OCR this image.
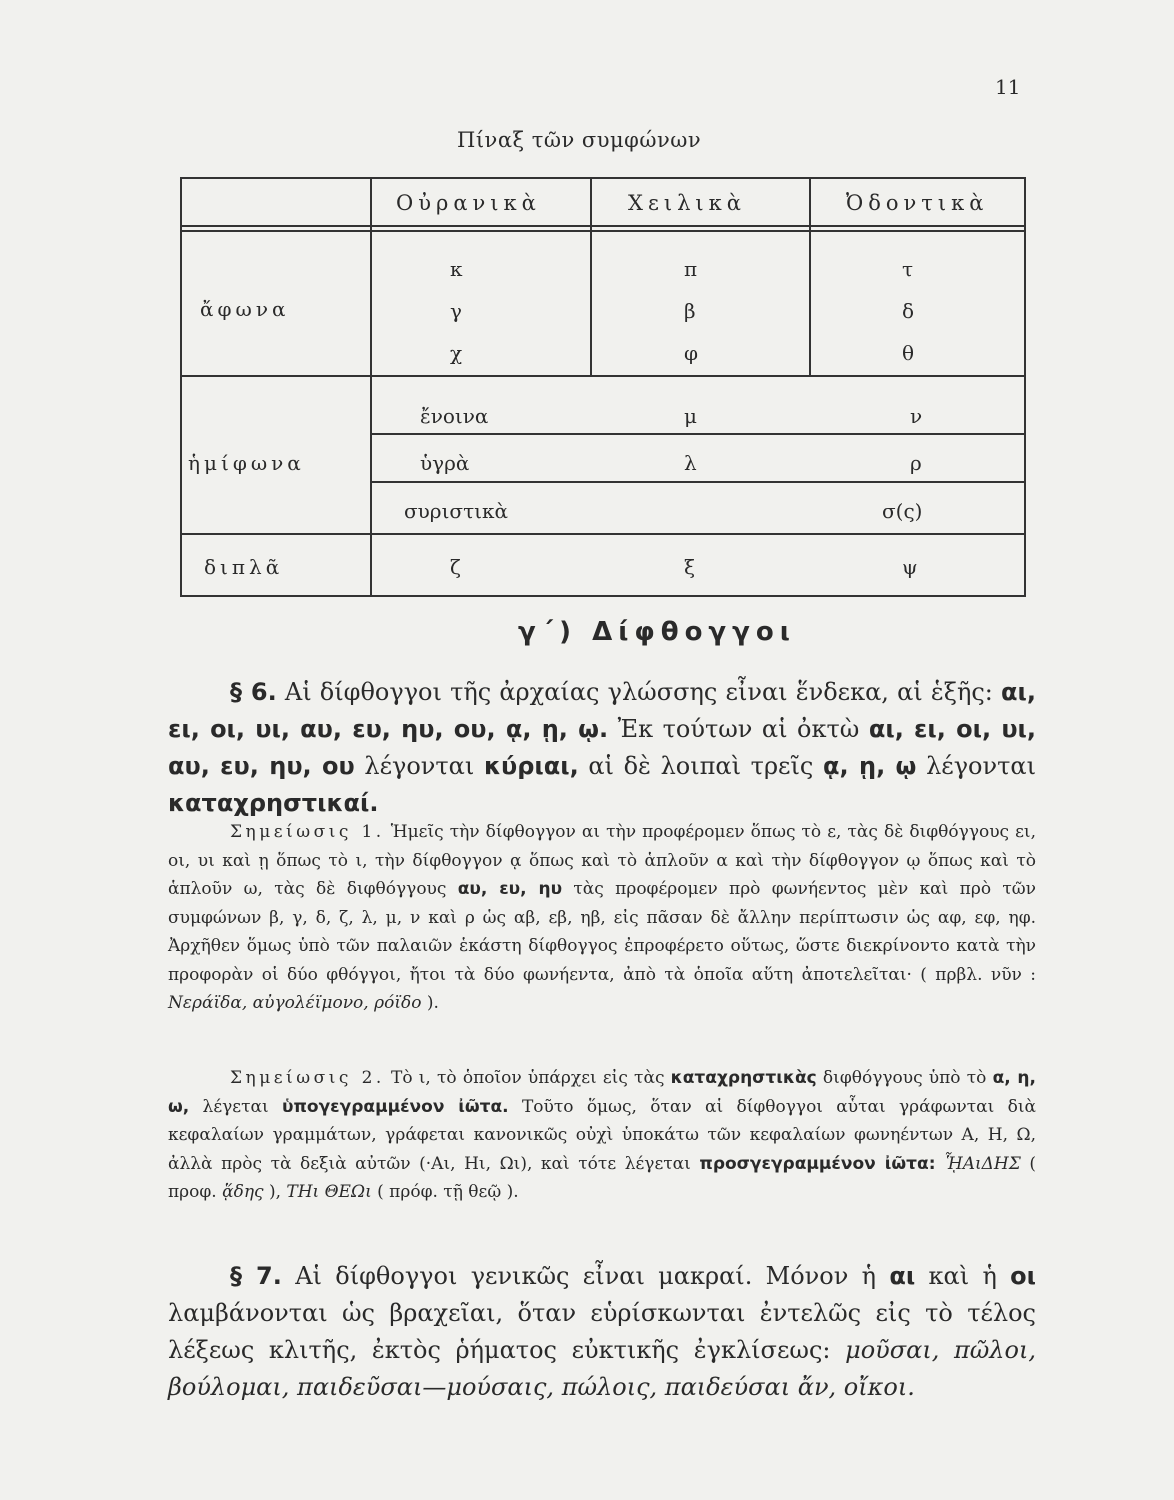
11
Πίναξ τῶν συμφώνων
Οὐρανικὰ	Χειλικὰ	Ὀδοντικὰ
ἄφωνα
κ	π	τ
γ	β	δ
χ	φ	θ
ἡμίφωνα
ἔνοινα	μ	ν
ὑγρὰ	λ	ρ
συριστικὰ	σ(ς)
διπλᾶ	ζ	ξ	ψ
γ΄) Δίφθογγοι
§ 6. Αἱ δίφθογγοι τῆς ἀρχαίας γλώσσης εἶναι ἕνδεκα, αἱ ἑξῆς: αι, ει, οι, υι, αυ, ευ, ηυ, ου, ᾳ, ῃ, ῳ. Ἐκ τούτων αἱ ὀκτὼ αι, ει, οι, υι, αυ, ευ, ηυ, ου λέγονται κύριαι, αἱ δὲ λοιπαὶ τρεῖς ᾳ, ῃ, ῳ λέγονται καταχρηστικαί.
Σημείωσις 1. Ἡμεῖς τὴν δίφθογγον αι τὴν προφέρομεν ὅπως τὸ ε, τὰς δὲ διφθόγγους ει, οι, υι καὶ ῃ ὅπως τὸ ι, τὴν δίφθογγον ᾳ ὅπως καὶ τὸ ἁπλοῦν α καὶ τὴν δίφθογγον ῳ ὅπως καὶ τὸ ἁπλοῦν ω, τὰς δὲ διφθόγγους αυ, ευ, ηυ τὰς προφέρομεν πρὸ φωνήεντος μὲν καὶ πρὸ τῶν συμφώνων β, γ, δ, ζ, λ, μ, ν καὶ ρ ὡς αβ, εβ, ηβ, εἰς πᾶσαν δὲ ἄλλην περίπτωσιν ὡς αφ, εφ, ηφ. Ἀρχῆθεν ὅμως ὑπὸ τῶν παλαιῶν ἑκάστη δίφθογγος ἐπροφέρετο οὕτως, ὥστε διεκρίνοντο κατὰ τὴν προφορὰν οἱ δύο φθόγγοι, ἤτοι τὰ δύο φωνήεντα, ἀπὸ τὰ ὁποῖα αὕτη ἀποτελεῖται· ( πρβλ. νῦν : Νεράϊδα, αὐγολέϊμονο, ρόϊδο ).
Σημείωσις 2. Τὸ ι, τὸ ὁποῖον ὑπάρχει εἰς τὰς καταχρηστικὰς διφθόγγους ὑπὸ τὸ α, η, ω, λέγεται ὑπογεγραμμένον ἰῶτα. Τοῦτο ὅμως, ὅταν αἱ δίφθογγοι αὗται γράφωνται διὰ κεφαλαίων γραμμάτων, γράφεται κανονικῶς οὐχὶ ὑποκάτω τῶν κεφαλαίων φωνηέντων Α, Η, Ω, ἀλλὰ πρὸς τὰ δεξιὰ αὐτῶν (·Αι, Ηι, Ωι), καὶ τότε λέγεται προσγεγραμμένον ἰῶτα: ᾟΑιΔΗΣ ( προφ. ᾅδης ), ΤΗι ΘΕΩι ( πρόφ. τῇ θεῷ ).
§ 7. Αἱ δίφθογγοι γενικῶς εἶναι μακραί. Μόνον ἡ αι καὶ ἡ οι λαμβάνονται ὡς βραχεῖαι, ὅταν εὑρίσκωνται ἐντελῶς εἰς τὸ τέλος λέξεως κλιτῆς, ἐκτὸς ῥήματος εὐκτικῆς ἐγκλίσεως: μοῦσαι, πῶλοι, βούλομαι, παιδεῦσαι—μούσαις, πώλοις, παιδεύσαι ἄν, οἴκοι.
